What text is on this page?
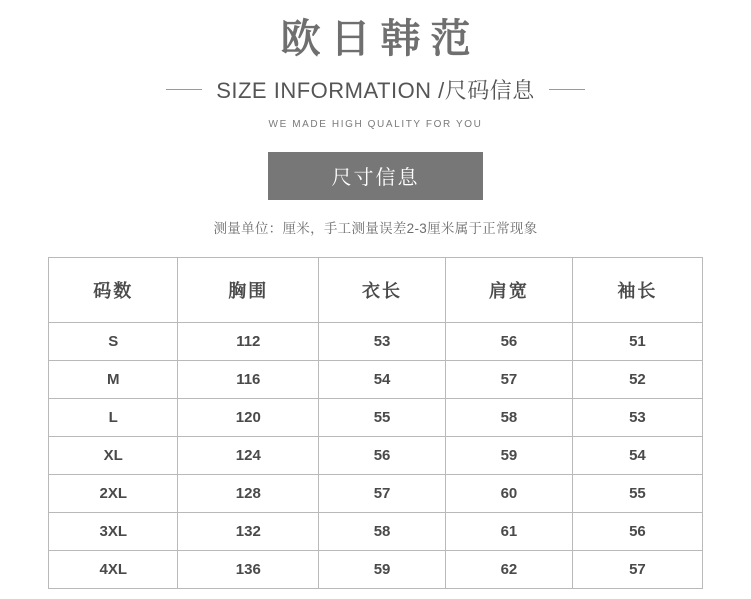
欧日韩范

SIZE INFORMATION /尺码信息

WE MADE HIGH QUALITY FOR YOU
尺寸信息
测量单位：厘米，手工测量误差2-3厘米属于正常现象
码数	胸围	衣长	肩宽	袖长
S	112	53	56	51
M	116	54	57	52
L	120	55	58	53
XL	124	56	59	54
2XL	128	57	60	55
3XL	132	58	61	56
4XL	136	59	62	57
